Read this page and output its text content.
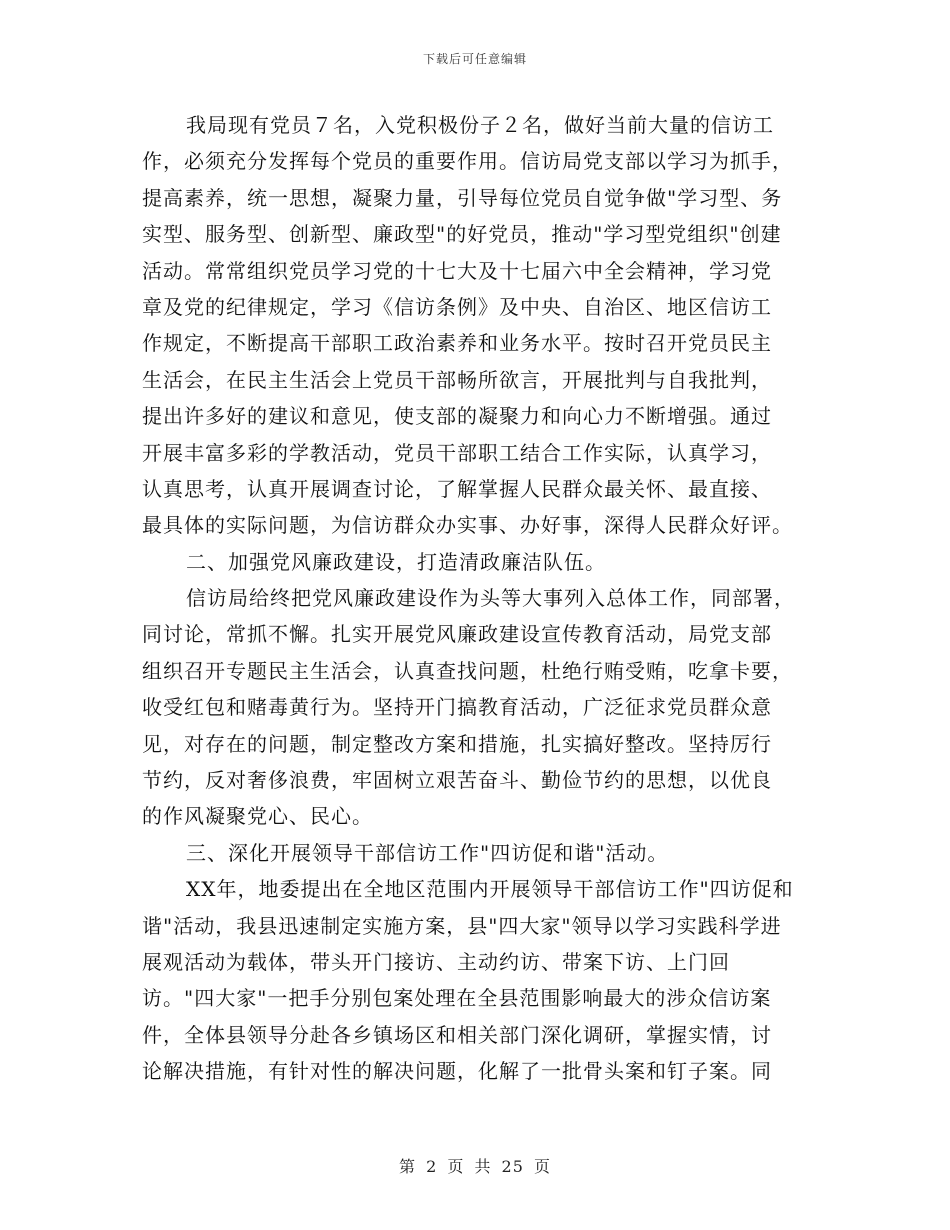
下载后可任意编辑
我局现有党员７名，入党积极份子２名，做好当前大量的信访工
作，必须充分发挥每个党员的重要作用。信访局党支部以学习为抓手，
提高素养，统一思想，凝聚力量，引导每位党员自觉争做"学习型、务
实型、服务型、创新型、廉政型"的好党员，推动"学习型党组织"创建
活动。常常组织党员学习党的十七大及十七届六中全会精神，学习党
章及党的纪律规定，学习《信访条例》及中央、自治区、地区信访工
作规定，不断提高干部职工政治素养和业务水平。按时召开党员民主
生活会，在民主生活会上党员干部畅所欲言，开展批判与自我批判，
提出许多好的建议和意见，使支部的凝聚力和向心力不断增强。通过
开展丰富多彩的学教活动，党员干部职工结合工作实际，认真学习，
认真思考，认真开展调查讨论，了解掌握人民群众最关怀、最直接、
最具体的实际问题，为信访群众办实事、办好事，深得人民群众好评。
二、加强党风廉政建设，打造清政廉洁队伍。
信访局给终把党风廉政建设作为头等大事列入总体工作，同部署，
同讨论，常抓不懈。扎实开展党风廉政建设宣传教育活动，局党支部
组织召开专题民主生活会，认真查找问题，杜绝行贿受贿，吃拿卡要，
收受红包和赌毒黄行为。坚持开门搞教育活动，广泛征求党员群众意
见，对存在的问题，制定整改方案和措施，扎实搞好整改。坚持厉行
节约，反对奢侈浪费，牢固树立艰苦奋斗、勤俭节约的思想，以优良
的作风凝聚党心、民心。
三、深化开展领导干部信访工作"四访促和谐"活动。
XX年，地委提出在全地区范围内开展领导干部信访工作"四访促和
谐"活动，我县迅速制定实施方案，县"四大家"领导以学习实践科学进
展观活动为载体，带头开门接访、主动约访、带案下访、上门回
访。"四大家"一把手分别包案处理在全县范围影响最大的涉众信访案
件，全体县领导分赴各乡镇场区和相关部门深化调研，掌握实情，讨
论解决措施，有针对性的解决问题，化解了一批骨头案和钉子案。同
第 2 页 共 25 页
